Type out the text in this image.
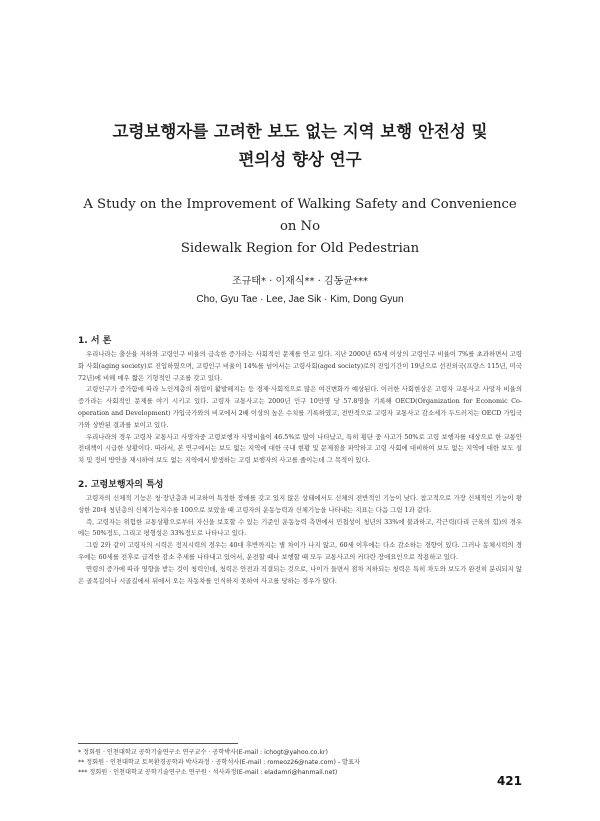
고령보행자를 고려한 보도 없는 지역 보행 안전성 및
편의성 향상 연구
A Study on the Improvement of Walking Safety and Convenience on No
Sidewalk Region for Old Pedestrian
조규태* · 이재식** · 김동균***
Cho, Gyu Tae · Lee, Jae Sik · Kim, Dong Gyun
1. 서 론

우리나라는 출산율 저하와 고령인구 비율의 급속한 증가라는 사회적인 문제를 안고 있다. 지난 2000년 65세 이상의 고령인구 비율이 7%를 초과하면서 고령화 사회(aging society)로 진입하였으며, 고령인구 비율이 14%를 넘어서는 고령사회(aged society)로의 진입기간이 19년으로 선진외국(프랑스 115년, 미국 72년)에 비해 매우 짧은 기형적인 구조를 갖고 있다.

고령인구가 증가함에 따라 노인계층의 취업이 활발해지는 등 경제·사회적으로 많은 여건변화가 예상된다. 이러한 사회현상은 고령자 교통사고 사망자 비율의 증가라는 사회적인 문제를 야기 시키고 있다. 고령자 교통사고는 2000년 인구 10만명 당 57.8명을 기록해 OECD(Organization for Economic Co-operation and Development) 가입국가와의 비교에서 2배 이상의 높은 수치를 기록하였고, 전반적으로 고령자 교통사고 감소세가 두드러지는 OECD 가입국가와 상반된 결과를 보이고 있다.

우리나라의 경우 고령자 교통사고 사망자중 고령보행자 사망비율이 46.5%로 많이 나타났고, 특히 횡단 중 사고가 50%로 고령 보행자를 대상으로 한 교통안전대책이 시급한 상황이다. 따라서, 본 연구에서는 보도 없는 지역에 대한 국내 현황 및 문제점을 파악하고 고령 사회에 대비하여 보도 없는 지역에 대한 보도 설치 및 정비 방안을 제시하여 보도 없는 지역에서 발생하는 고령 보행자의 사고를 줄이는데 그 목적이 있다.

2. 고령보행자의 특성

고령자의 신체적 기능은 청·장년층과 비교하여 특정한 장애를 갖고 있지 않은 상태에서도 신체의 전반적인 기능이 낮다. 참고적으로 가장 신체적인 기능이 왕성한 20대 청년층의 신체기능지수를 100으로 보았을 때 고령자의 운동능력과 신체기능을 나타내는 지표는 다음 그림 1과 같다.

즉, 고령자는 위험한 교통상황으로부터 자신을 보호할 수 있는 기준인 운동능력 측면에서 민첩성이 청년의 33%에 불과하고, 각근력(다리 근육의 힘)의 경우에는 50%정도, 그리고 평형성은 33%정도로 나타나고 있다.

그림 2와 같이 고령자의 시력은 정지시력의 경우는 40대 후반까지는 별 차이가 나지 않고, 60세 이후에는 다소 감소하는 경향이 있다. 그러나 동체시력의 경우에는 60세를 전후로 급격한 감소 추세를 나타내고 있어서, 운전할 때나 보행할 때 모두 교통사고의 커다란 장애요인으로 작용하고 있다.

연령의 증가에 따라 영향을 받는 것이 청력인데, 청력은 안전과 직결되는 것으로, 나이가 들면서 점차 저하되는 청력은 특히 차도와 보도가 완전히 분리되지 않은 골목길이나 시골길에서 뒤에서 오는 자동차를 인식하지 못하여 사고를 당하는 경우가 많다.

* 정회원 · 인천대학교 공학기술연구소 연구교수 · 공학박사(E-mail : ichogt@yahoo.co.kr)
** 정회원 · 인천대학교 토목환경공학과 박사과정 · 공학석사(E-mail : romeoz26@nate.com) - 발표자
*** 정회원 · 인천대학교 공학기술연구소 연구원 · 석사과정(E-mail : eladamri@hanmail.net)
421
